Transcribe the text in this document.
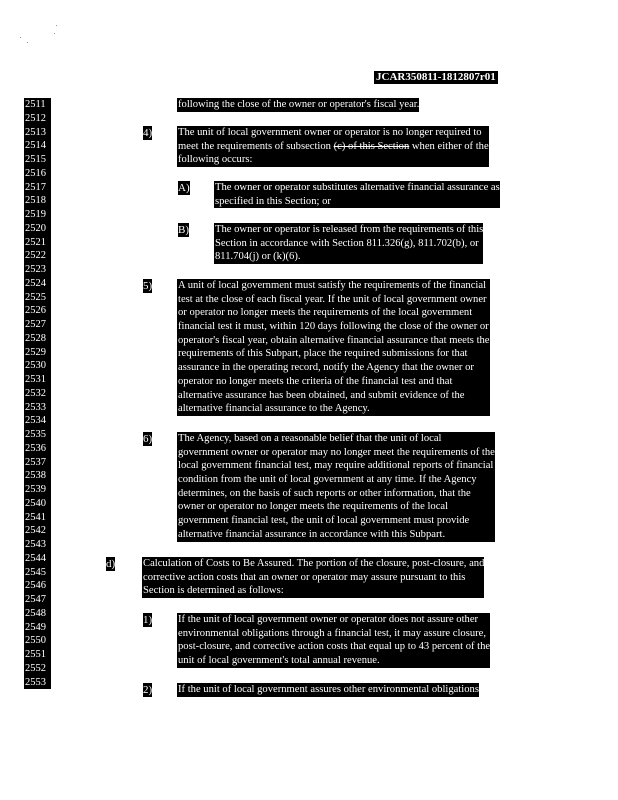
JCAR350811-1812807r01
2511
2512
2513
2514
2515
2516
2517
2518
2519
2520
2521
2522
2523
2524
2525
2526
2527
2528
2529
2530
2531
2532
2533
2534
2535
2536
2537
2538
2539
2540
2541
2542
2543
2544
2545
2546
2547
2548
2549
2550
2551
2552
2553
following the close of the owner or operator's fiscal year.
4) The unit of local government owner or operator is no longer required to
meet the requirements of subsection (c) of this Section when either of the
following occurs:
A) The owner or operator substitutes alternative financial assurance as
specified in this Section; or
B) The owner or operator is released from the requirements of this
Section in accordance with Section 811.326(g), 811.702(b), or
811.704(j) or (k)(6).
5) A unit of local government must satisfy the requirements of the financial
test at the close of each fiscal year. If the unit of local government owner
or operator no longer meets the requirements of the local government
financial test it must, within 120 days following the close of the owner or
operator's fiscal year, obtain alternative financial assurance that meets the
requirements of this Subpart, place the required submissions for that
assurance in the operating record, notify the Agency that the owner or
operator no longer meets the criteria of the financial test and that
alternative assurance has been obtained, and submit evidence of the
alternative financial assurance to the Agency.
6) The Agency, based on a reasonable belief that the unit of local
government owner or operator may no longer meet the requirements of the
local government financial test, may require additional reports of financial
condition from the unit of local government at any time. If the Agency
determines, on the basis of such reports or other information, that the
owner or operator no longer meets the requirements of the local
government financial test, the unit of local government must provide
alternative financial assurance in accordance with this Subpart.
d)	Calculation of Costs to Be Assured. The portion of the closure, post-closure, and
corrective action costs that an owner or operator may assure pursuant to this
Section is determined as follows:
1) If the unit of local government owner or operator does not assure other
environmental obligations through a financial test, it may assure closure,
post-closure, and corrective action costs that equal up to 43 percent of the
unit of local government's total annual revenue.
2) If the unit of local government assures other environmental obligations
